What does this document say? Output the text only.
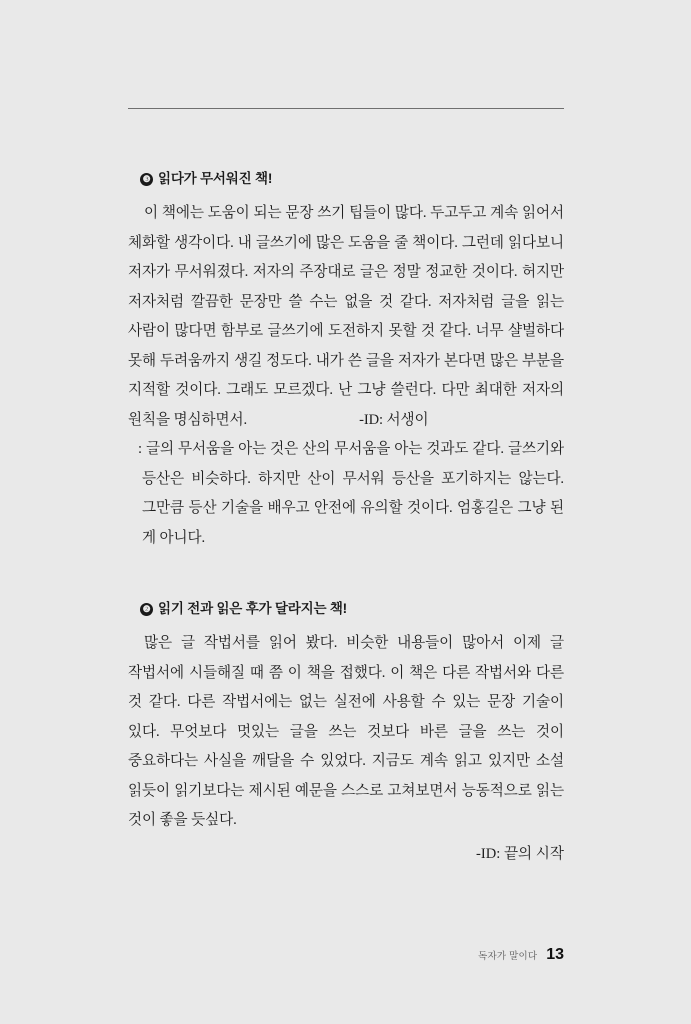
❸ 읽다가 무서워진 책!

이 책에는 도움이 되는 문장 쓰기 팁들이 많다. 두고두고 계속 읽어서 체화할 생각이다. 내 글쓰기에 많은 도움을 줄 책이다. 그런데 읽다보니 저자가 무서워졌다. 저자의 주장대로 글은 정말 정교한 것이다. 허지만 저자처럼 깔끔한 문장만 쓸 수는 없을 것 같다. 저자처럼 글을 읽는 사람이 많다면 함부로 글쓰기에 도전하지 못할 것 같다. 너무 샬벌하다 못해 두려움까지 생길 정도다. 내가 쓴 글을 저자가 본다면 많은 부분을 지적할 것이다. 그래도 모르겠다. 난 그냥 쓸런다. 다만 최대한 저자의 원칙을 명심하면서.	-ID: 서생이

: 글의 무서움을 아는 것은 산의 무서움을 아는 것과도 같다. 글쓰기와 등산은 비슷하다. 하지만 산이 무서워 등산을 포기하지는 않는다. 그만큼 등산 기술을 배우고 안전에 유의할 것이다. 엄홍길은 그냥 된 게 아니다.

❷ 읽기 전과 읽은 후가 달라지는 책!

많은 글 작법서를 읽어 봤다. 비슷한 내용들이 많아서 이제 글 작법서에 시들해질 때 쯤 이 책을 접했다. 이 책은 다른 작법서와 다른 것 같다. 다른 작법서에는 없는 실전에 사용할 수 있는 문장 기술이 있다. 무엇보다 멋있는 글을 쓰는 것보다 바른 글을 쓰는 것이 중요하다는 사실을 깨달을 수 있었다. 지금도 계속 읽고 있지만 소설 읽듯이 읽기보다는 제시된 예문을 스스로 고쳐보면서 능동적으로 읽는 것이 좋을 듯싶다.

-ID: 끝의 시작
독자가 말이다 13
